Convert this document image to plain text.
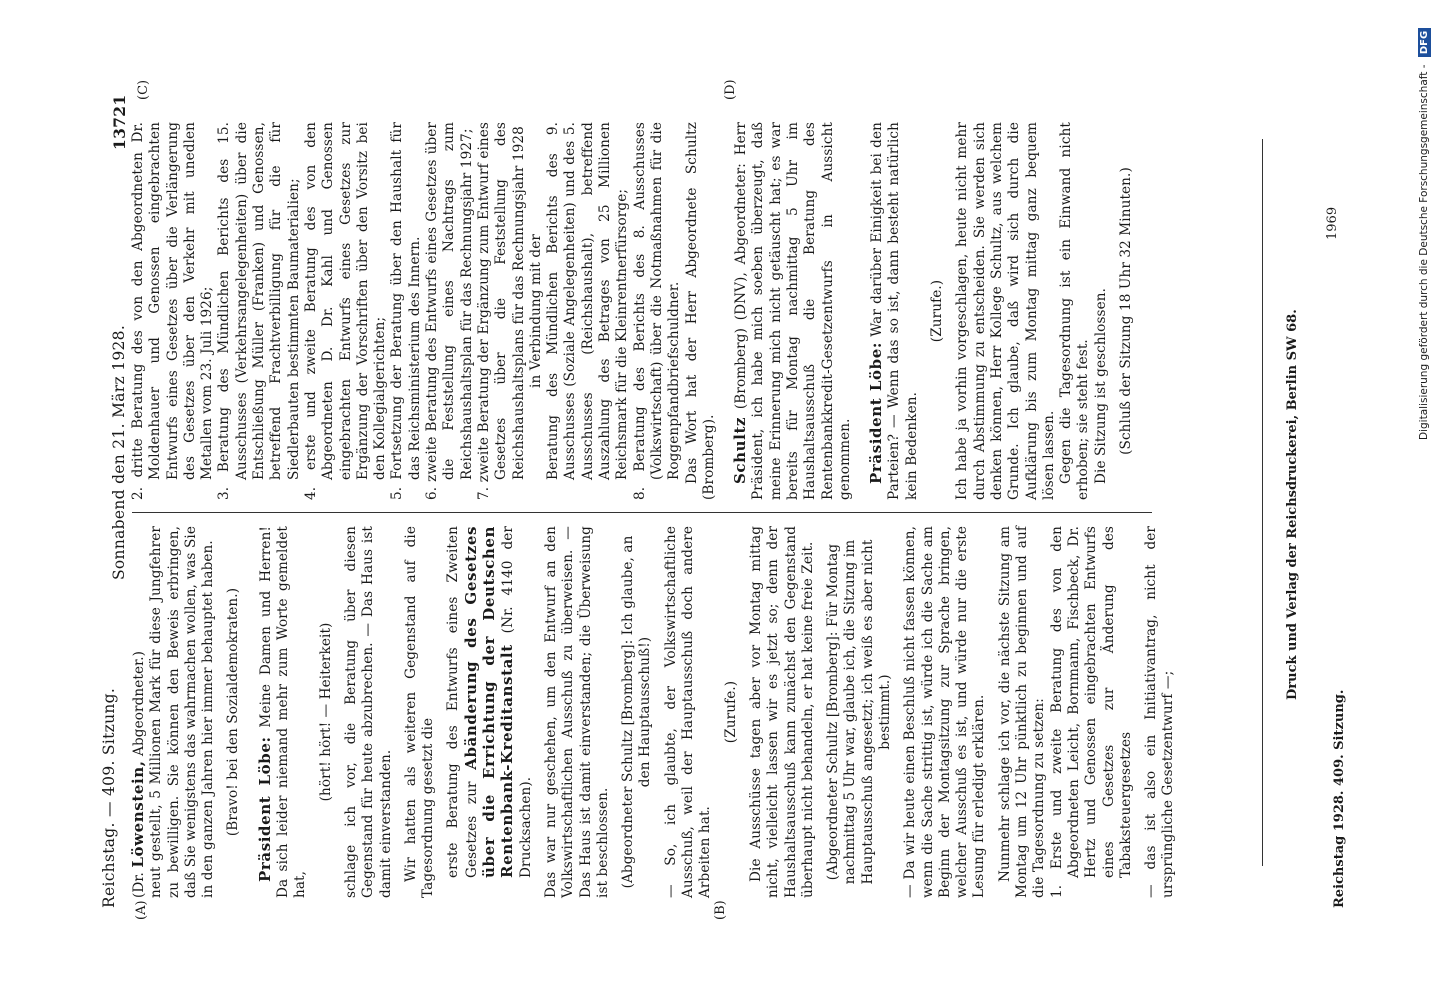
Reichstag. — 409. Sitzung.
Sonnabend den 21. März 1928.
13721
(A)	(B)
(C)	(D)

(Dr. Löwenstein, Abgeordneter.) neut gestellt, 5 Millionen Mark für diese Jungfehrer zu bewilligen. Sie können den Beweis erbringen, daß Sie wenigstens das wahrmachen wollen, was Sie in den ganzen Jahren hier immer behauptet haben. (Bravo! bei den Sozialdemokraten.) Präsident Löbe: Meine Damen und Herren! Da sich leider niemand mehr zum Worte gemeldet hat,

(hört! hört! — Heiterkeit) schlage ich vor, die Beratung über diesen Gegenstand für heute abzubrechen. — Das Haus ist damit einverstanden. Wir hatten als weiteren Gegenstand auf die Tagesordnung gesetzt die erste Beratung des Entwurfs eines Zweiten Gesetzes zur Abänderung des Gesetzes über die Errichtung der Deutschen Rentenbank-Kreditanstalt (Nr. 4140 der Drucksachen). Das war nur geschehen, um den Entwurf an den Volkswirtschaftlichen Ausschuß zu überweisen. — Das Haus ist damit einverstanden; die Überweisung ist beschlossen. (Abgeordneter Schultz [Bromberg]: Ich glaube, an den Hauptausschuß!) — So, ich glaubte, der Volkswirtschaftliche Ausschuß, weil der Hauptausschuß doch andere Arbeiten hat.

(Zurufe.) Die Ausschüsse tagen aber vor Montag mittag nicht, vielleicht lassen wir es jetzt so; denn der Haushaltsausschuß kann zunächst den Gegenstand überhaupt nicht behandeln, er hat keine freie Zeit. (Abgeordneter Schultz [Bromberg]: Für Montag nachmittag 5 Uhr war, glaube ich, die Sitzung im Hauptausschuß angesetzt; ich weiß es aber nicht bestimmt.) — Da wir heute einen Beschluß nicht fassen können, wenn die Sache strittig ist, würde ich die Sache am Beginn der Montagsitzung zur Sprache bringen, welcher Ausschuß es ist, und würde nur die erste Lesung für erledigt erklären. Nunmehr schlage ich vor, die nächste Sitzung am Montag um 12 Uhr pünktlich zu beginnen und auf die Tagesordnung zu setzen: 1. Erste und zweite Beratung des von den Abgeordneten Leicht, Bornmann, Fischbeck, Dr. Hertz und Genossen eingebrachten Entwurfs eines Gesetzes zur Änderung des Tabaksteuergesetzes — das ist also ein Initiativantrag, nicht der ursprüngliche Gesetzentwurf —;

2. dritte Beratung des von den Abgeordneten Dr. Moldenhauer und Genossen eingebrachten Entwurfs eines Gesetzes über die Verlängerung des Gesetzes über den Verkehr mit unedlen Metallen vom 23. Juli 1926; 3. Beratung des Mündlichen Berichts des 15. Ausschusses (Verkehrsangelegenheiten) über die Entschließung Müller (Franken) und Genossen, betreffend Frachtverbilligung für die für Siedlerbauten bestimmten Baumaterialien; 4. erste und zweite Beratung des von den Abgeordneten D. Dr. Kahl und Genossen eingebrachten Entwurfs eines Gesetzes zur Ergänzung der Vorschriften über den Vorsitz bei den Kollegialgerichten; 5. Fortsetzung der Beratung über den Haushalt für das Reichsministerium des Innern. 6. zweite Beratung des Entwurfs eines Gesetzes über die Feststellung eines Nachtrags zum Reichshaushaltsplan für das Rechnungsjahr 1927; 7. zweite Beratung der Ergänzung zum Entwurf eines Gesetzes über die Feststellung des Reichshaushaltsplans für das Rechnungsjahr 1928 in Verbindung mit der Beratung des Mündlichen Berichts des 9. Ausschusses (Soziale Angelegenheiten) und des 5. Ausschusses (Reichshaushalt), betreffend Auszahlung des Betrages von 25 Millionen Reichsmark für die Kleinrentnerfürsorge; 8. Beratung des Berichts des 8. Ausschusses (Volkswirtschaft) über die Notmaßnahmen für die Roggenpfandbriefschuldner. Das Wort hat der Herr Abgeordnete Schultz (Bromberg). Schultz (Bromberg) (DNV), Abgeordneter: Herr Präsident, ich habe mich soeben überzeugt, daß meine Erinnerung mich nicht getäuscht hat; es war bereits für Montag nachmittag 5 Uhr im Haushaltsausschuß die Beratung des Rentenbankkredit-Gesetzentwurfs in Aussicht genommen. Präsident Löbe: War darüber Einigkeit bei den Parteien? — Wenn das so ist, dann besteht natürlich kein Bedenken.

(Zurufe.) Ich habe ja vorhin vorgeschlagen, heute nicht mehr durch Abstimmung zu entscheiden. Sie werden sich denken können, Herr Kollege Schultz, aus welchem Grunde. Ich glaube, daß wird sich durch die Aufklärung bis zum Montag mittag ganz bequem lösen lassen. Gegen die Tagesordnung ist ein Einwand nicht erhoben; sie steht fest. Die Sitzung ist geschlossen. (Schluß der Sitzung 18 Uhr 32 Minuten.)

Reichstag 1928. 409. Sitzung.
Druck und Verlag der Reichsdruckerei, Berlin SW 68.
1969	Digitalisierung gefördert durch die Deutsche Forschungsgemeinschaft - DFG
